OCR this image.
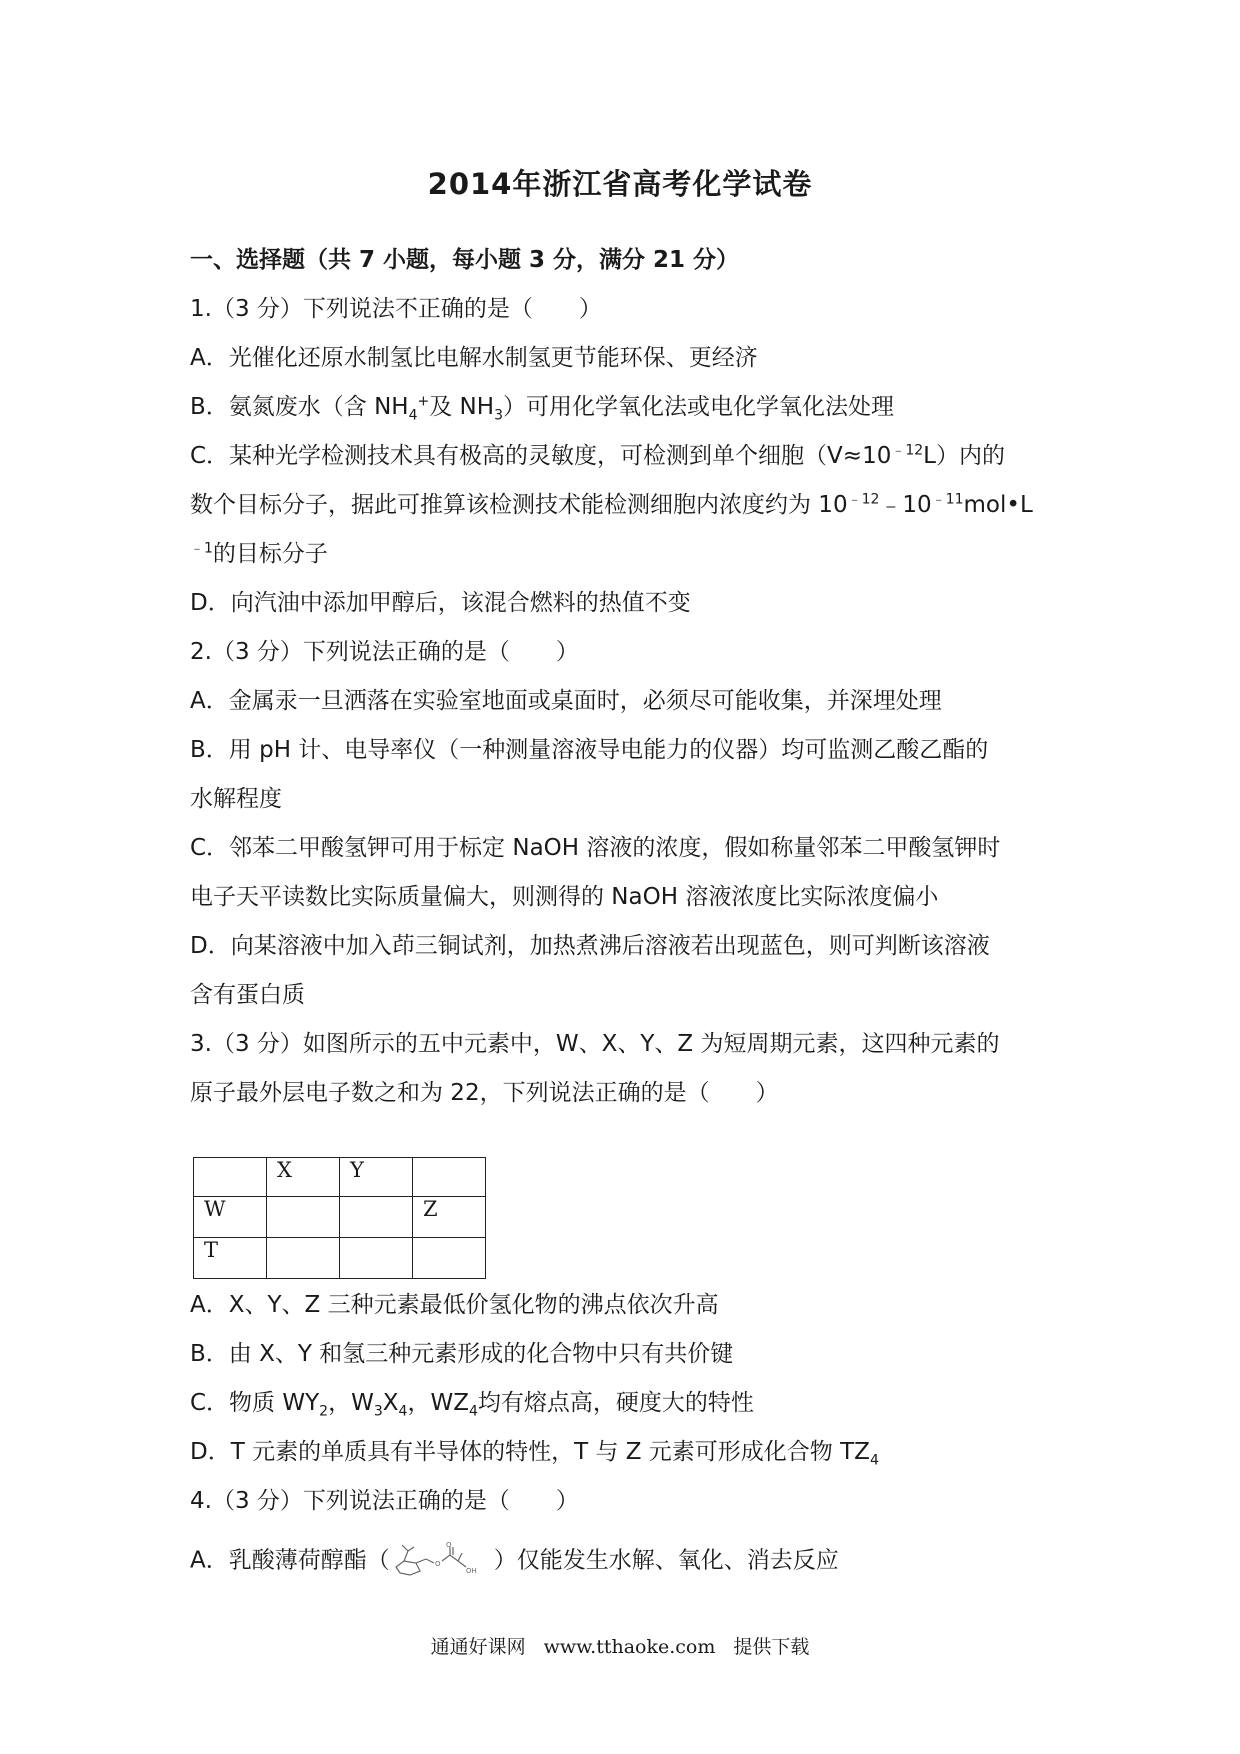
2014年浙江省高考化学试卷
一、选择题（共 7 小题，每小题 3 分，满分 21 分）
1.（3 分）下列说法不正确的是（　　）
A．光催化还原水制氢比电解水制氢更节能环保、更经济
B．氨氮废水（含 $NH_4^+$及 $NH_3$）可用化学氧化法或电化学氧化法处理
C．某种光学检测技术具有极高的灵敏度，可检测到单个细胞$(V\approx 10^{﹣12}L)$内的
数个目标分子，据此可推算该检测技术能检测细胞内浓度约为 $10^{﹣12}﹣10^{﹣11}mol•L$
$^{﹣1}$的目标分子
D．向汽油中添加甲醇后，该混合燃料的热值不变
2.（3 分）下列说法正确的是（　　）
A．金属汞一旦洒落在实验室地面或桌面时，必须尽可能收集，并深埋处理
B．用 pH 计、电导率仪（一种测量溶液导电能力的仪器）均可监测乙酸乙酯的
水解程度
C．邻苯二甲酸氢钾可用于标定 NaOH 溶液的浓度，假如称量邻苯二甲酸氢钾时
电子天平读数比实际质量偏大，则测得的 NaOH 溶液浓度比实际浓度偏小
D．向某溶液中加入茚三铜试剂，加热煮沸后溶液若出现蓝色，则可判断该溶液
含有蛋白质
3.（3 分）如图所示的五中元素中，W、X、Y、Z 为短周期元素，这四种元素的
原子最外层电子数之和为 22，下列说法正确的是（　　）
	X	Y	
W			Z
T			
A．X、Y、Z 三种元素最低价氢化物的沸点依次升高
B．由 X、Y 和氢三种元素形成的化合物中只有共价键
C．物质 $WY_2$，$W_3X_4$，$WZ_4$均有熔点高，硬度大的特性
D．T 元素的单质具有半导体的特性，T 与 Z 元素可形成化合物 $TZ_4$
4.（3 分）下列说法正确的是（　　）
A．乳酸薄荷醇酯（	O
O
OH ）仅能发生水解、氧化、消去反应
通通好课网 www.tthaoke.com 提供下载
